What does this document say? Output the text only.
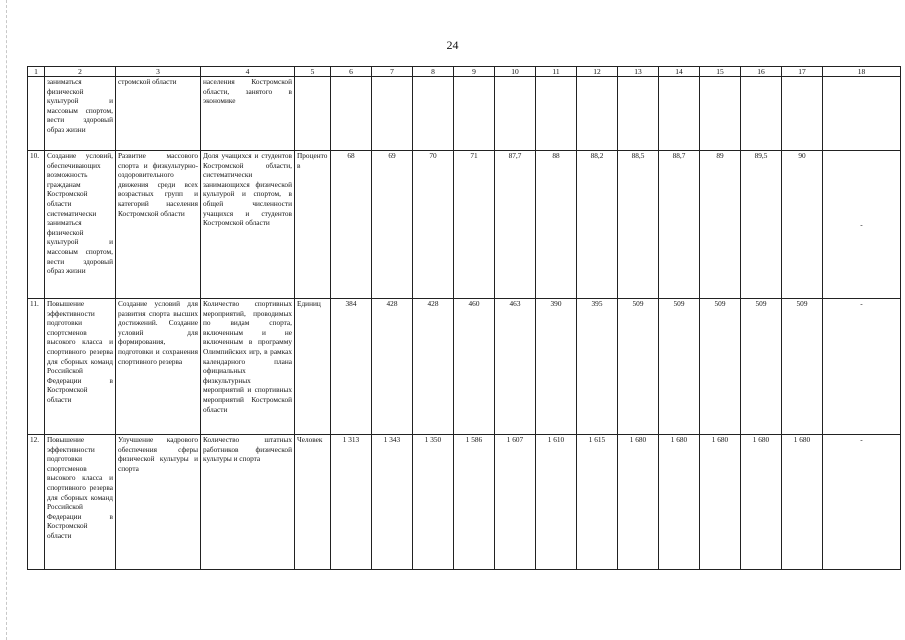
24
1	2	3	4	5	6	7	8	9	10	11	12	13	14	15	16	17	18
	заниматься физической культурой и массовым спортом, вести здоровый образ жизни	стромской области	населения Костромской области, занятого в экономике														
10.	Создание условий, обеспечивающих возможность гражданам Костромской области систематически заниматься физической культурой и массовым спортом, вести здоровый образ жизни	Развитие массового спорта и физкультурно-оздоровительного движения среди всех возрастных групп и категорий населения Костромской области	Доля учащихся и студентов Костромской области, систематически занимающихся физической культурой и спортом, в общей численности учащихся и студентов Костромской области	Процентов	68	69	70	71	87,7	88	88,2	88,5	88,7	89	89,5	90	-
11.	Повышение эффективности подготовки спортсменов высокого класса и спортивного резерва для сборных команд Российской Федерации в Костромской области	Создание условий для развития спорта высших достижений. Создание условий для формирования, подготовки и сохранения спортивного резерва	Количество спортивных мероприятий, проводимых по видам спорта, включенным и не включенным в программу Олимпийских игр, в рамках календарного плана официальных физкультурных мероприятий и спортивных мероприятий Костромской области	Единиц	384	428	428	460	463	390	395	509	509	509	509	509	-
12.	Повышение эффективности подготовки спортсменов высокого класса и спортивного резерва для сборных команд Российской Федерации в Костромской области	Улучшение кадрового обеспечения сферы физической культуры и спорта	Количество штатных работников физической культуры и спорта	Человек	1 313	1 343	1 350	1 586	1 607	1 610	1 615	1 680	1 680	1 680	1 680	1 680	-
